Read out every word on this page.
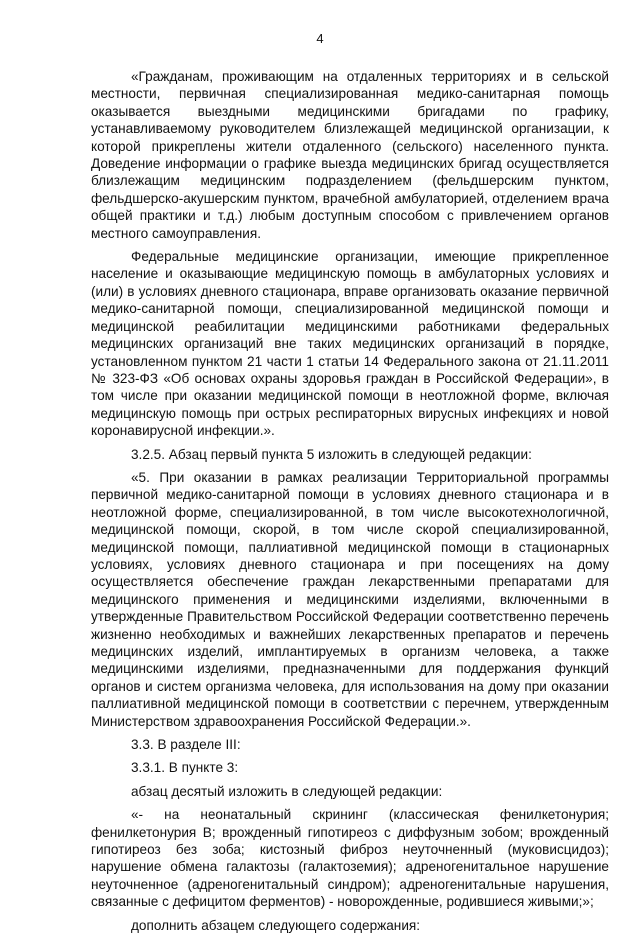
4

«Гражданам, проживающим на отдаленных территориях и в сельской местности, первичная специализированная медико-санитарная помощь оказывается выездными медицинскими бригадами по графику, устанавливаемому руководителем близлежащей медицинской организации, к которой прикреплены жители отдаленного (сельского) населенного пункта. Доведение информации о графике выезда медицинских бригад осуществляется близлежащим медицинским подразделением (фельдшерским пунктом, фельдшерско-акушерским пунктом, врачебной амбулаторией, отделением врача общей практики и т.д.) любым доступным способом с привлечением органов местного самоуправления.

Федеральные медицинские организации, имеющие прикрепленное население и оказывающие медицинскую помощь в амбулаторных условиях и (или) в условиях дневного стационара, вправе организовать оказание первичной медико-санитарной помощи, специализированной медицинской помощи и медицинской реабилитации медицинскими работниками федеральных медицинских организаций вне таких медицинских организаций в порядке, установленном пунктом 21 части 1 статьи 14 Федерального закона от 21.11.2011 № 323-ФЗ «Об основах охраны здоровья граждан в Российской Федерации», в том числе при оказании медицинской помощи в неотложной форме, включая медицинскую помощь при острых респираторных вирусных инфекциях и новой коронавирусной инфекции.».

3.2.5. Абзац первый пункта 5 изложить в следующей редакции:

«5. При оказании в рамках реализации Территориальной программы первичной медико-санитарной помощи в условиях дневного стационара и в неотложной форме, специализированной, в том числе высокотехнологичной, медицинской помощи, скорой, в том числе скорой специализированной, медицинской помощи, паллиативной медицинской помощи в стационарных условиях, условиях дневного стационара и при посещениях на дому осуществляется обеспечение граждан лекарственными препаратами для медицинского применения и медицинскими изделиями, включенными в утвержденные Правительством Российской Федерации соответственно перечень жизненно необходимых и важнейших лекарственных препаратов и перечень медицинских изделий, имплантируемых в организм человека, а также медицинскими изделиями, предназначенными для поддержания функций органов и систем организма человека, для использования на дому при оказании паллиативной медицинской помощи в соответствии с перечнем, утвержденным Министерством здравоохранения Российской Федерации.».

3.3. В разделе III:

3.3.1. В пункте 3:

абзац десятый изложить в следующей редакции:

«- на неонатальный скрининг (классическая фенилкетонурия; фенилкетонурия В; врожденный гипотиреоз с диффузным зобом; врожденный гипотиреоз без зоба; кистозный фиброз неуточненный (муковисцидоз); нарушение обмена галактозы (галактоземия); адреногенитальное нарушение неуточненное (адреногенитальный синдром); адреногенитальные нарушения, связанные с дефицитом ферментов) - новорожденные, родившиеся живыми;»;

дополнить абзацем следующего содержания:
